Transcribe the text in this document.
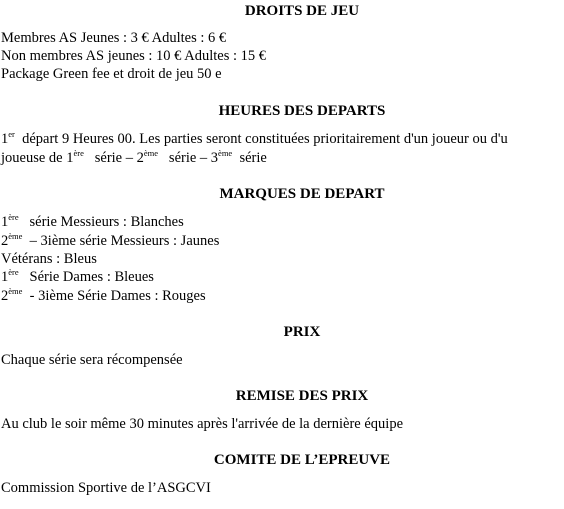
DROITS DE JEU
Membres AS Jeunes : 3 € Adultes : 6 €
Non membres AS jeunes : 10 € Adultes : 15 €
Package Green fee et droit de jeu 50 e
HEURES DES DEPARTS
1er  départ 9 Heures 00. Les parties seront constituées prioritairement d'un joueur ou d'u
joueuse de 1ère   série – 2ème   série – 3ème  série
MARQUES DE DEPART
1ère   série Messieurs : Blanches
2ème  – 3ième série Messieurs : Jaunes
Vétérans : Bleus
1ère   Série Dames : Bleues
2ème  - 3ième Série Dames : Rouges
PRIX
Chaque série sera récompensée
REMISE DES PRIX
Au club le soir même 30 minutes après l'arrivée de la dernière équipe
COMITE DE L’EPREUVE
Commission Sportive de l’ASGCVI
